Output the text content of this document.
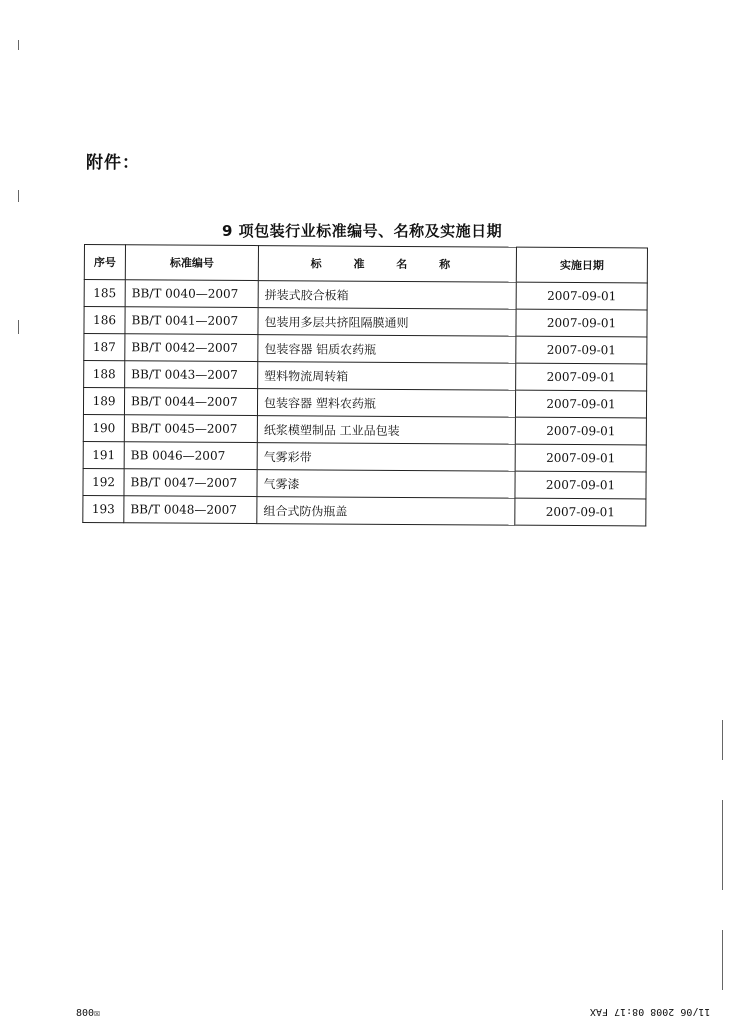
附件：
9 项包装行业标准编号、名称及实施日期
序号	标准编号	标 准 名 称	实施日期
185	BB/T 0040—2007	拼装式胶合板箱	2007-09-01
186	BB/T 0041—2007	包装用多层共挤阻隔膜通则	2007-09-01
187	BB/T 0042—2007	包装容器 铝质农药瓶	2007-09-01
188	BB/T 0043—2007	塑料物流周转箱	2007-09-01
189	BB/T 0044—2007	包装容器 塑料农药瓶	2007-09-01
190	BB/T 0045—2007	纸浆模塑制品 工业品包装	2007-09-01
191	BB 0046—2007	气雾彩带	2007-09-01
192	BB/T 0047—2007	气雾漆	2007-09-01
193	BB/T 0048—2007	组合式防伪瓶盖	2007-09-01
800☒	11/06 2008 08:17 FAX
